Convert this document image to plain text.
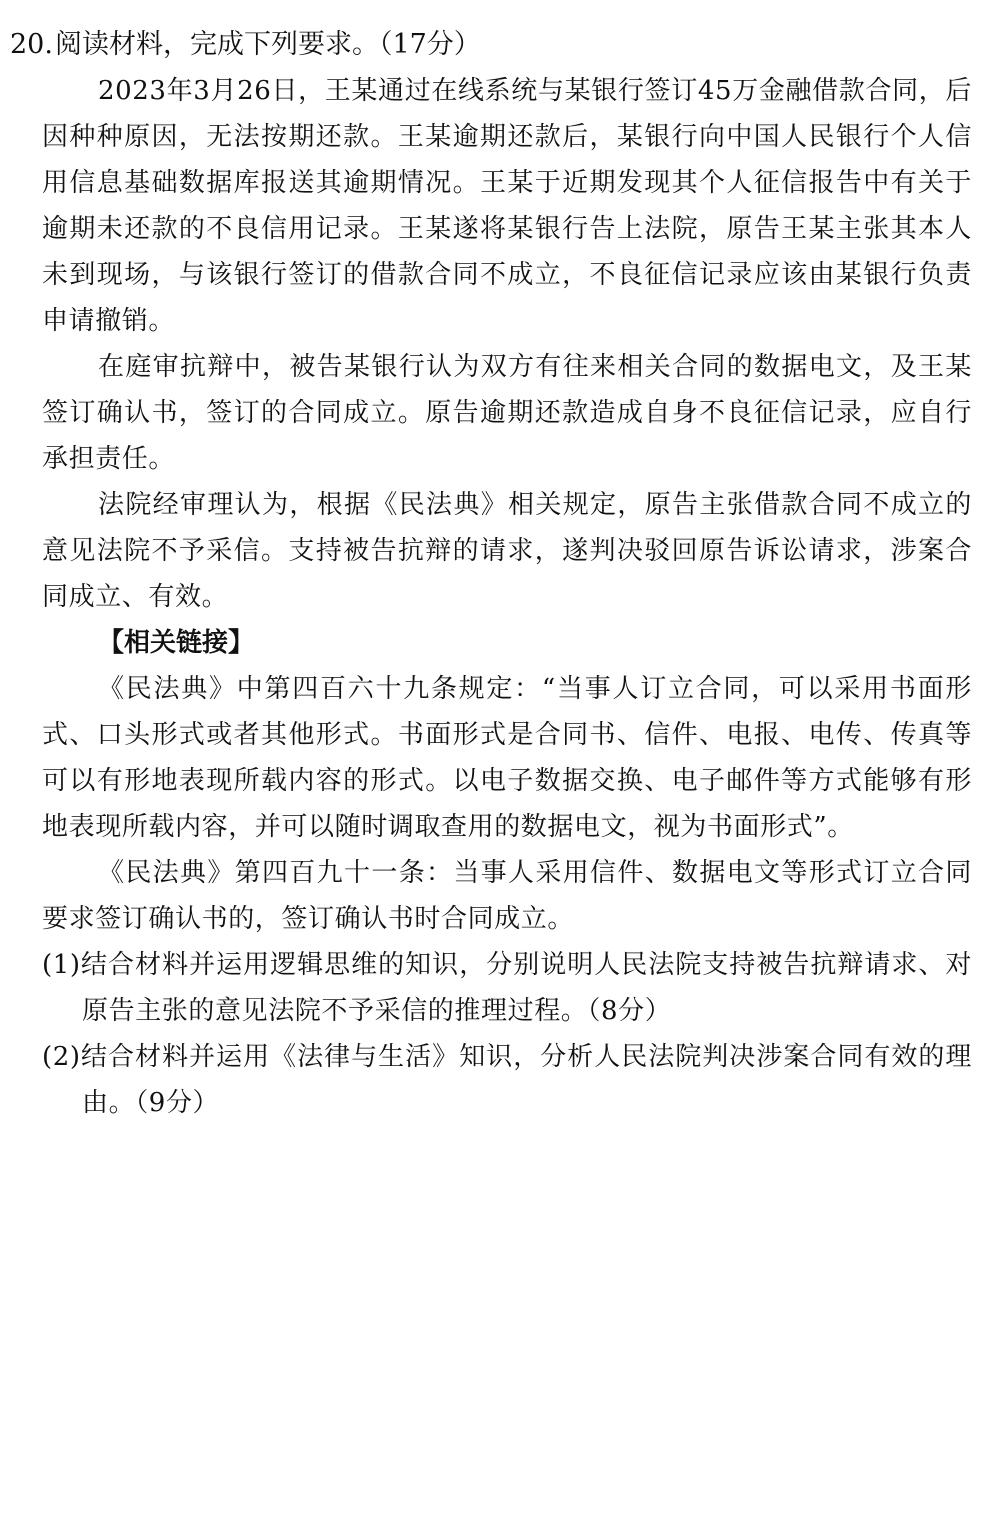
20.阅读材料，完成下列要求。（17分）

2023年3月26日，王某通过在线系统与某银行签订45万金融借款合同，后因种种原因，无法按期还款。王某逾期还款后，某银行向中国人民银行个人信用信息基础数据库报送其逾期情况。王某于近期发现其个人征信报告中有关于逾期未还款的不良信用记录。王某遂将某银行告上法院，原告王某主张其本人未到现场，与该银行签订的借款合同不成立，不良征信记录应该由某银行负责申请撤销。

在庭审抗辩中，被告某银行认为双方有往来相关合同的数据电文，及王某签订确认书，签订的合同成立。原告逾期还款造成自身不良征信记录，应自行承担责任。

法院经审理认为，根据《民法典》相关规定，原告主张借款合同不成立的意见法院不予采信。支持被告抗辩的请求，遂判决驳回原告诉讼请求，涉案合同成立、有效。

【相关链接】

《民法典》中第四百六十九条规定：“当事人订立合同，可以采用书面形式、口头形式或者其他形式。书面形式是合同书、信件、电报、电传、传真等可以有形地表现所载内容的形式。以电子数据交换、电子邮件等方式能够有形地表现所载内容，并可以随时调取查用的数据电文，视为书面形式”。

《民法典》第四百九十一条：当事人采用信件、数据电文等形式订立合同要求签订确认书的，签订确认书时合同成立。

(1)结合材料并运用逻辑思维的知识，分别说明人民法院支持被告抗辩请求、对原告主张的意见法院不予采信的推理过程。（8分）

(2)结合材料并运用《法律与生活》知识，分析人民法院判决涉案合同有效的理由。（9分）
